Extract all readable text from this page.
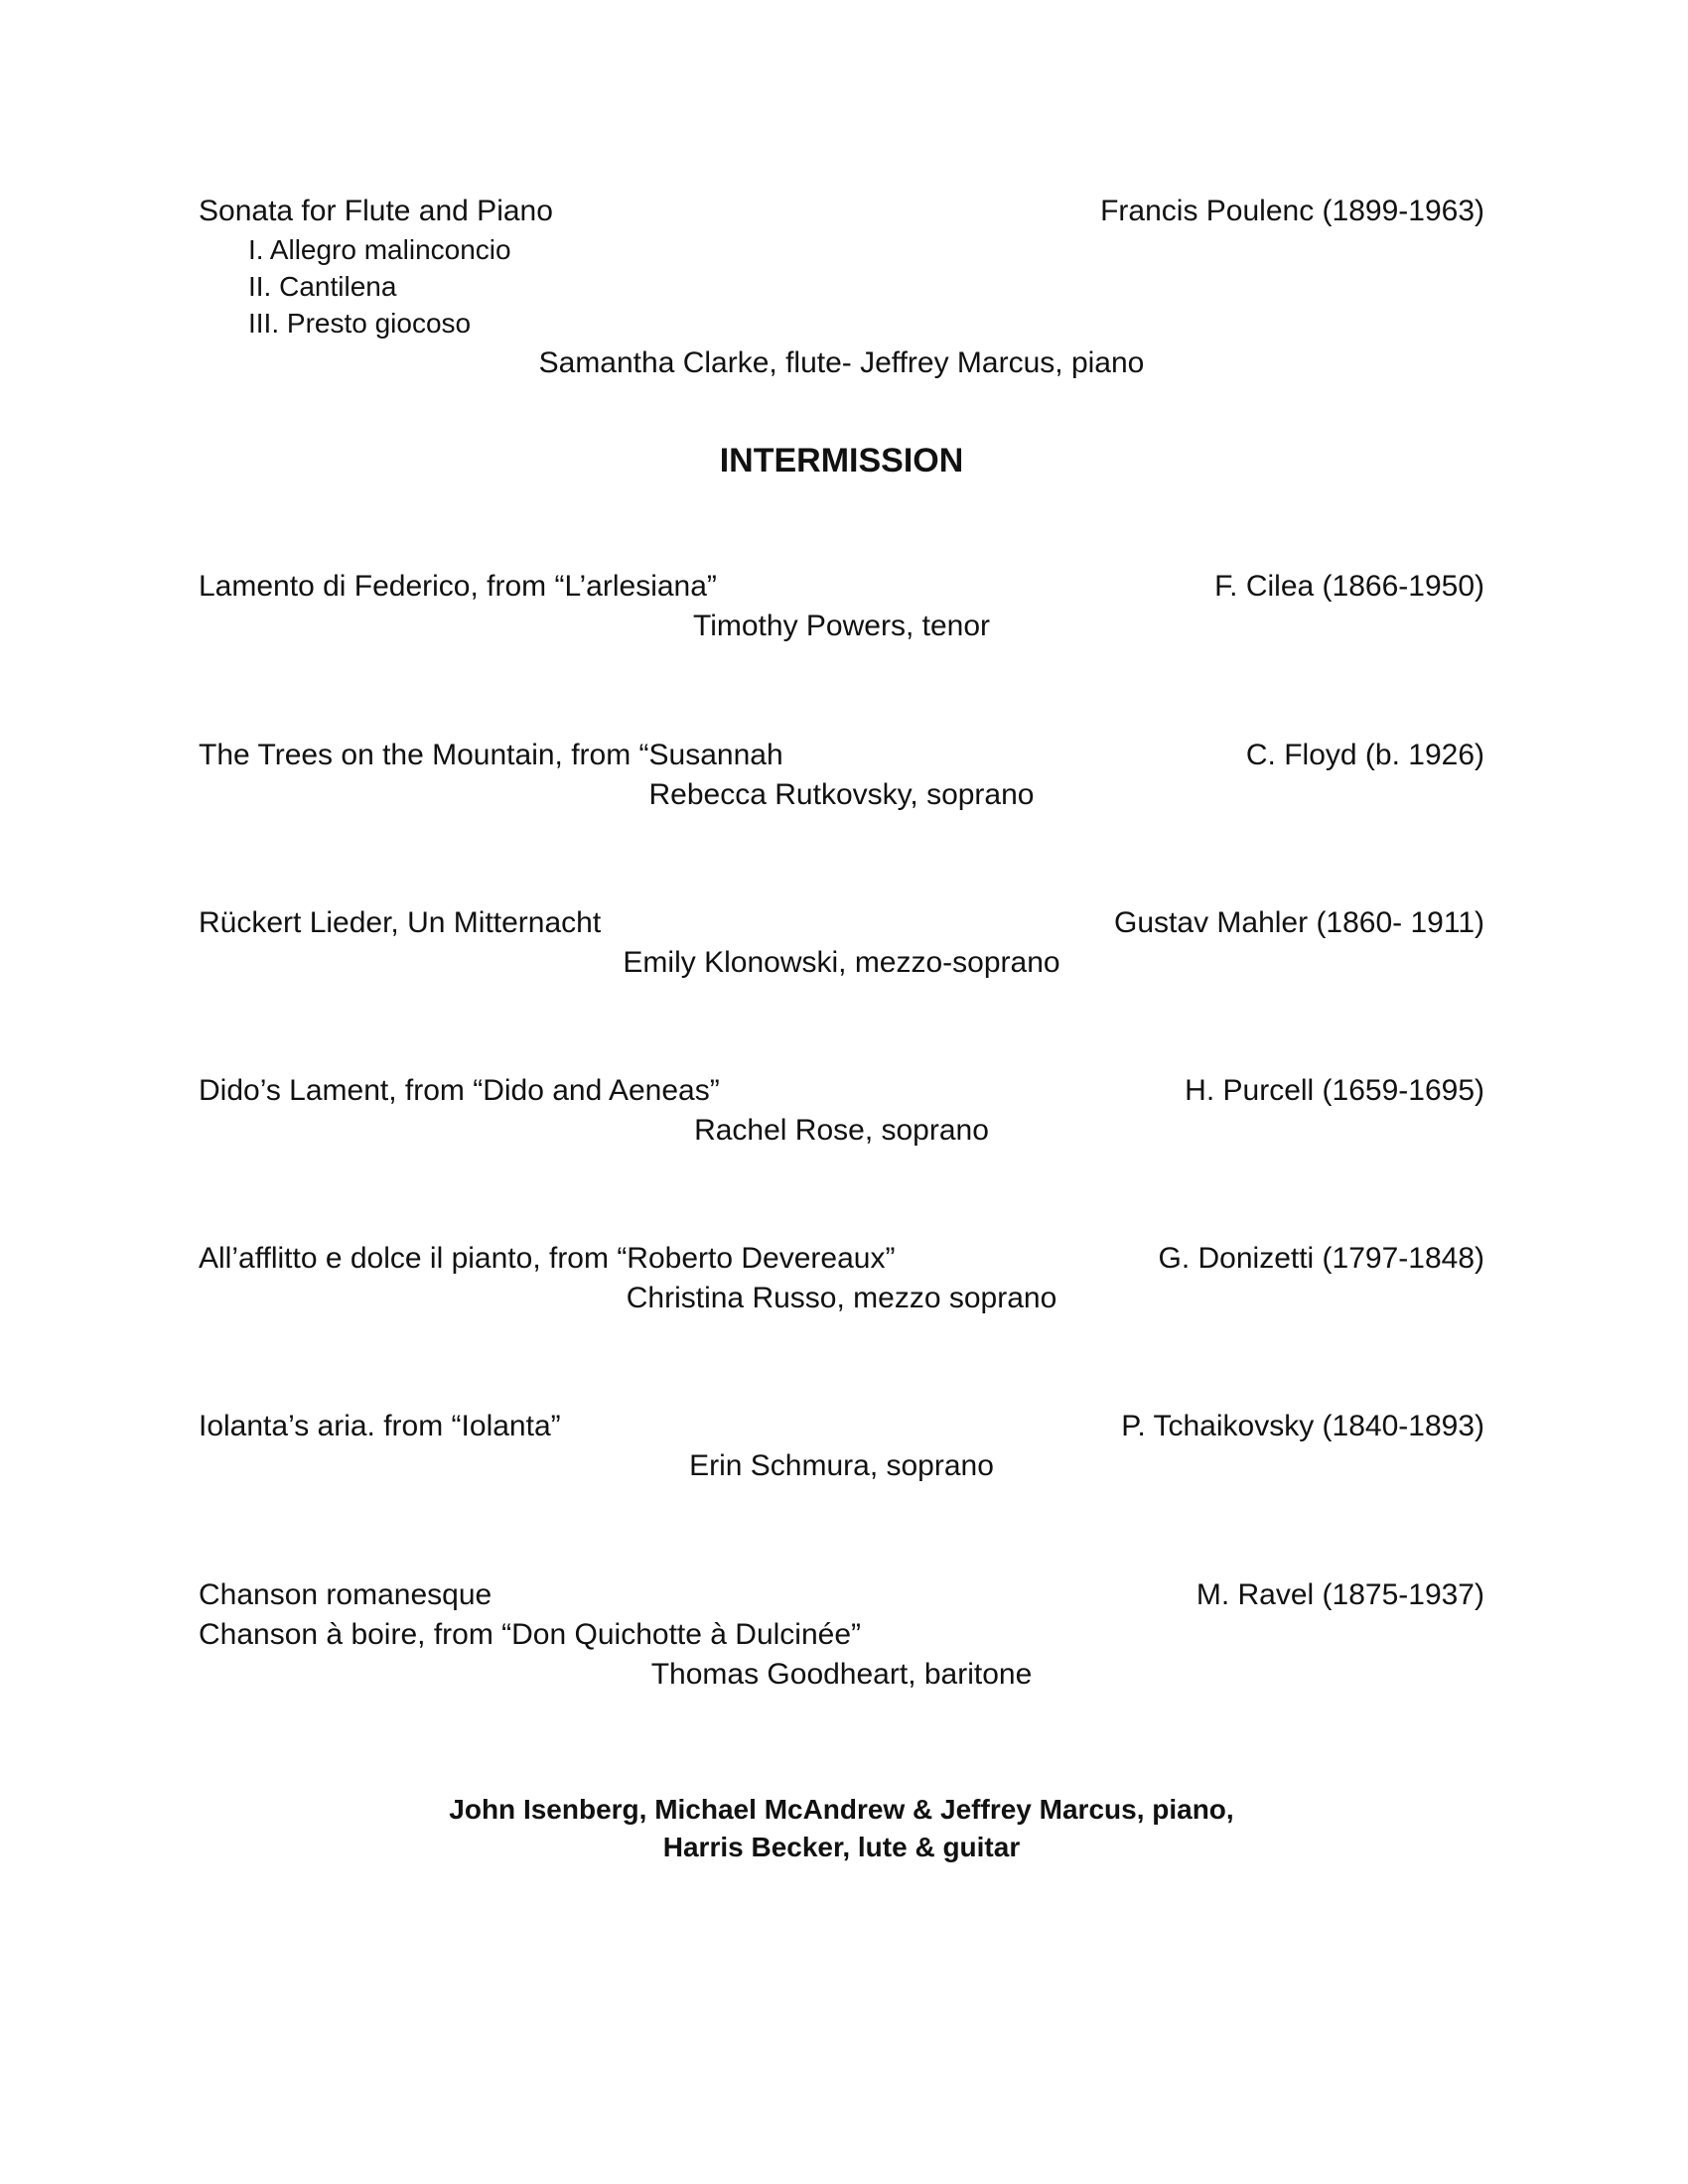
Sonata for Flute and Piano	Francis Poulenc (1899-1963)
I. Allegro malinconcio
II. Cantilena
III. Presto giocoso
Samantha Clarke, flute- Jeffrey Marcus, piano
INTERMISSION
Lamento di Federico, from “L’arlesiana”	F. Cilea (1866-1950)
Timothy Powers, tenor
The Trees on the Mountain, from “Susannah	C. Floyd (b. 1926)
Rebecca Rutkovsky, soprano
Rückert Lieder, Un Mitternacht	Gustav Mahler (1860- 1911)
Emily Klonowski, mezzo-soprano
Dido’s Lament, from “Dido and Aeneas”	H. Purcell (1659-1695)
Rachel Rose, soprano
All’afflitto e dolce il pianto, from “Roberto Devereaux”	G. Donizetti (1797-1848)
Christina Russo, mezzo soprano
Iolanta’s aria. from “Iolanta”	P. Tchaikovsky (1840-1893)
Erin Schmura, soprano
Chanson romanesque	M. Ravel (1875-1937)
Chanson à boire, from “Don Quichotte à Dulcinée”
Thomas Goodheart, baritone
John Isenberg, Michael McAndrew & Jeffrey Marcus, piano,
Harris Becker, lute & guitar
